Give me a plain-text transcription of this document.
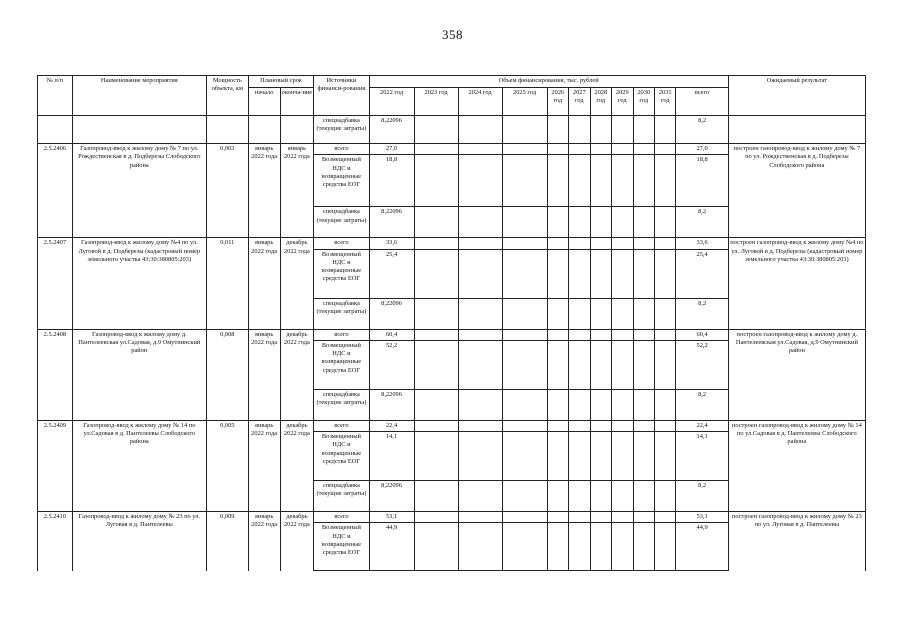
358
№ п/п	Наименование мероприятия	Мощность объекта, км	Плановый срок		Источники финанси-рования	Объем финансирования, тыс. рублей											Ожидаемый результат
			начало	оконча-ние		2022 год	2023 год	2024 год	2025 год	2026 год	2027 год	2028 год	2029 год	2030 год	2031 год	всего	

					спецнадбавка (текущие затраты)	8,22096										8,2	
2.5.2406	Газопровод-ввод к жилому дому № 7 по ул. Рождественская в д. Подберезы Слободского района	0,003	январь 2022 года	январь 2022 года	всего	27,0										27,0	построен газопровод-ввод к жилому дому № 7 по ул. Рождественская в д. Подберезы Слободского района
					Возмещенный НДС и возвращенные средства ЕОГ	18,8										18,8	
					спецнадбавка (текущие затраты)	8,22096										8,2	
2.5.2407	Газопровод-ввод к жилому дому №4 по ул. Луговой в д. Подберезы (кадастровый номер земельного участка 43:30:380805:203)	0,011	январь 2022 года	декабрь 2022 года	всего	33,6										33,6	построен газопровод-ввод к жилому дому №4 по ул. Луговой в д. Подберезы (кадастровый номер земельного участка 43:30:380805:203)
					Возмещенный НДС и возвращенные средства ЕОГ	25,4										25,4	
					спецнадбавка (текущие затраты)	8,22096										8,2	
2.5.2408	Газопровод-ввод к жилому дому д. Пантелеевская ул.Садовая, д.9 Омутнинский район	0,008	январь 2022 года	декабрь 2022 года	всего	60,4										60,4	построен газопровод-ввод к жилому дому д. Пантелеевская ул.Садовая, д.9 Омутнинский район
					Возмещенный НДС и возвращенные средства ЕОГ	52,2										52,2	
					спецнадбавка (текущие затраты)	8,22096										8,2	
2.5.2409	Газопровод-ввод к жилому дому № 14 по ул.Садовая в д. Пантелеевы Слободского района	0,005	январь 2022 года	декабрь 2022 года	всего	22,4										22,4	построен газопровод-ввод к жилому дому № 14 по ул.Садовая в д. Пантелеевы Слободского района
					Возмещенный НДС и возвращенные средства ЕОГ	14,1										14,1	
					спецнадбавка (текущие затраты)	8,22096										8,2	
2.5.2410	Газопровод-ввод к жилому дому № 23 по ул. Луговая в д. Пантелеевы	0,009	январь 2022 года	декабрь 2022 года	всего	53,1										53,1	построен газопровод-ввод к жилому дому № 23 по ул. Луговая в д. Пантелеевы
					Возмещенный НДС и возвращенные средства ЕОГ	44,9										44,9	
